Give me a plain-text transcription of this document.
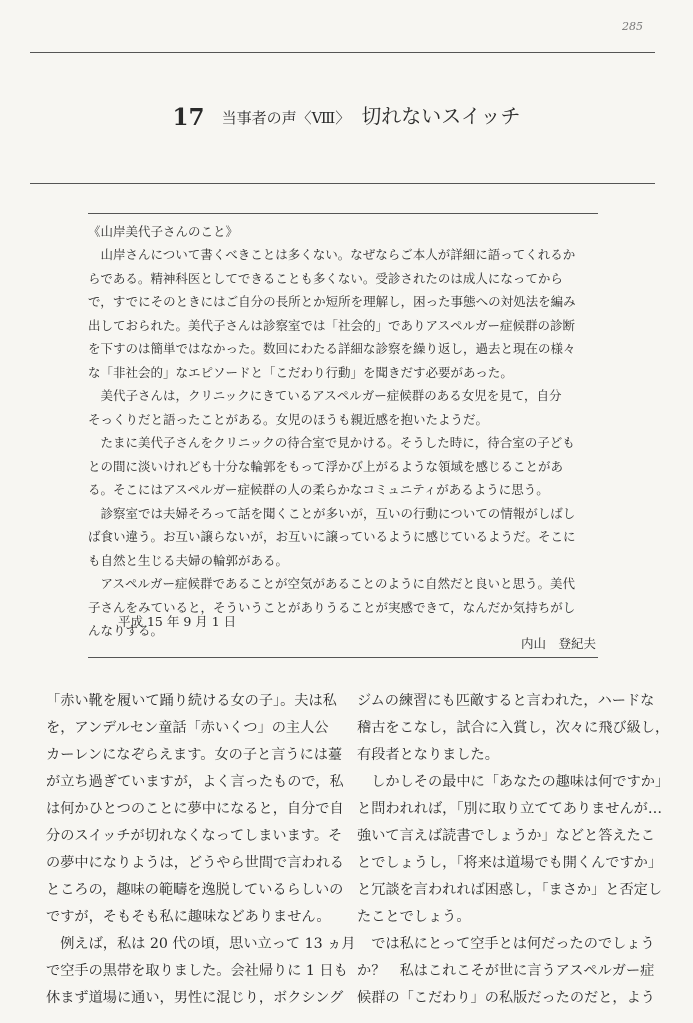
285
17 当事者の声〈Ⅷ〉 切れないスイッチ
《山岸美代子さんのこと》
　山岸さんについて書くべきことは多くない。なぜならご本人が詳細に語ってくれるか
らである。精神科医としてできることも多くない。受診されたのは成人になってから
で，すでにそのときにはご自分の長所とか短所を理解し，困った事態への対処法を編み
出しておられた。美代子さんは診察室では「社会的」でありアスペルガー症候群の診断
を下すのは簡単ではなかった。数回にわたる詳細な診察を繰り返し，過去と現在の様々
な「非社会的」なエピソードと「こだわり行動」を聞きだす必要があった。
　美代子さんは，クリニックにきているアスペルガー症候群のある女児を見て，自分
そっくりだと語ったことがある。女児のほうも親近感を抱いたようだ。
　たまに美代子さんをクリニックの待合室で見かける。そうした時に，待合室の子ども
との間に淡いけれども十分な輪郭をもって浮かび上がるような領域を感じることがあ
る。そこにはアスペルガー症候群の人の柔らかなコミュニティがあるように思う。
　診察室では夫婦そろって話を聞くことが多いが，互いの行動についての情報がしばし
ば食い違う。お互い譲らないが，お互いに譲っているように感じているようだ。そこに
も自然と生じる夫婦の輪郭がある。
　アスペルガー症候群であることが空気があることのように自然だと良いと思う。美代
子さんをみていると，そういうことがありうることが実感できて，なんだか気持ちがし
んなりする。
平成 15 年 9 月 1 日
内山　登紀夫
「赤い靴を履いて踊り続ける女の子」。夫は私
を，アンデルセン童話「赤いくつ」の主人公
カーレンになぞらえます。女の子と言うには薹
が立ち過ぎていますが，よく言ったもので，私
は何かひとつのことに夢中になると，自分で自
分のスイッチが切れなくなってしまいます。そ
の夢中になりようは，どうやら世間で言われる
ところの，趣味の範疇を逸脱しているらしいの
ですが，そもそも私に趣味などありません。
　例えば，私は 20 代の頃，思い立って 13 ヵ月
で空手の黒帯を取りました。会社帰りに 1 日も
休まず道場に通い，男性に混じり，ボクシング
ジムの練習にも匹敵すると言われた，ハードな
稽古をこなし，試合に入賞し，次々に飛び級し，
有段者となりました。
　しかしその最中に「あなたの趣味は何ですか」
と問われれば，「別に取り立ててありませんが…
強いて言えば読書でしょうか」などと答えたこ
とでしょうし，「将来は道場でも開くんですか」
と冗談を言われれば困惑し，「まさか」と否定し
たことでしょう。
　では私にとって空手とは何だったのでしょう
か？　私はこれこそが世に言うアスペルガー症
候群の「こだわり」の私版だったのだと，よう
